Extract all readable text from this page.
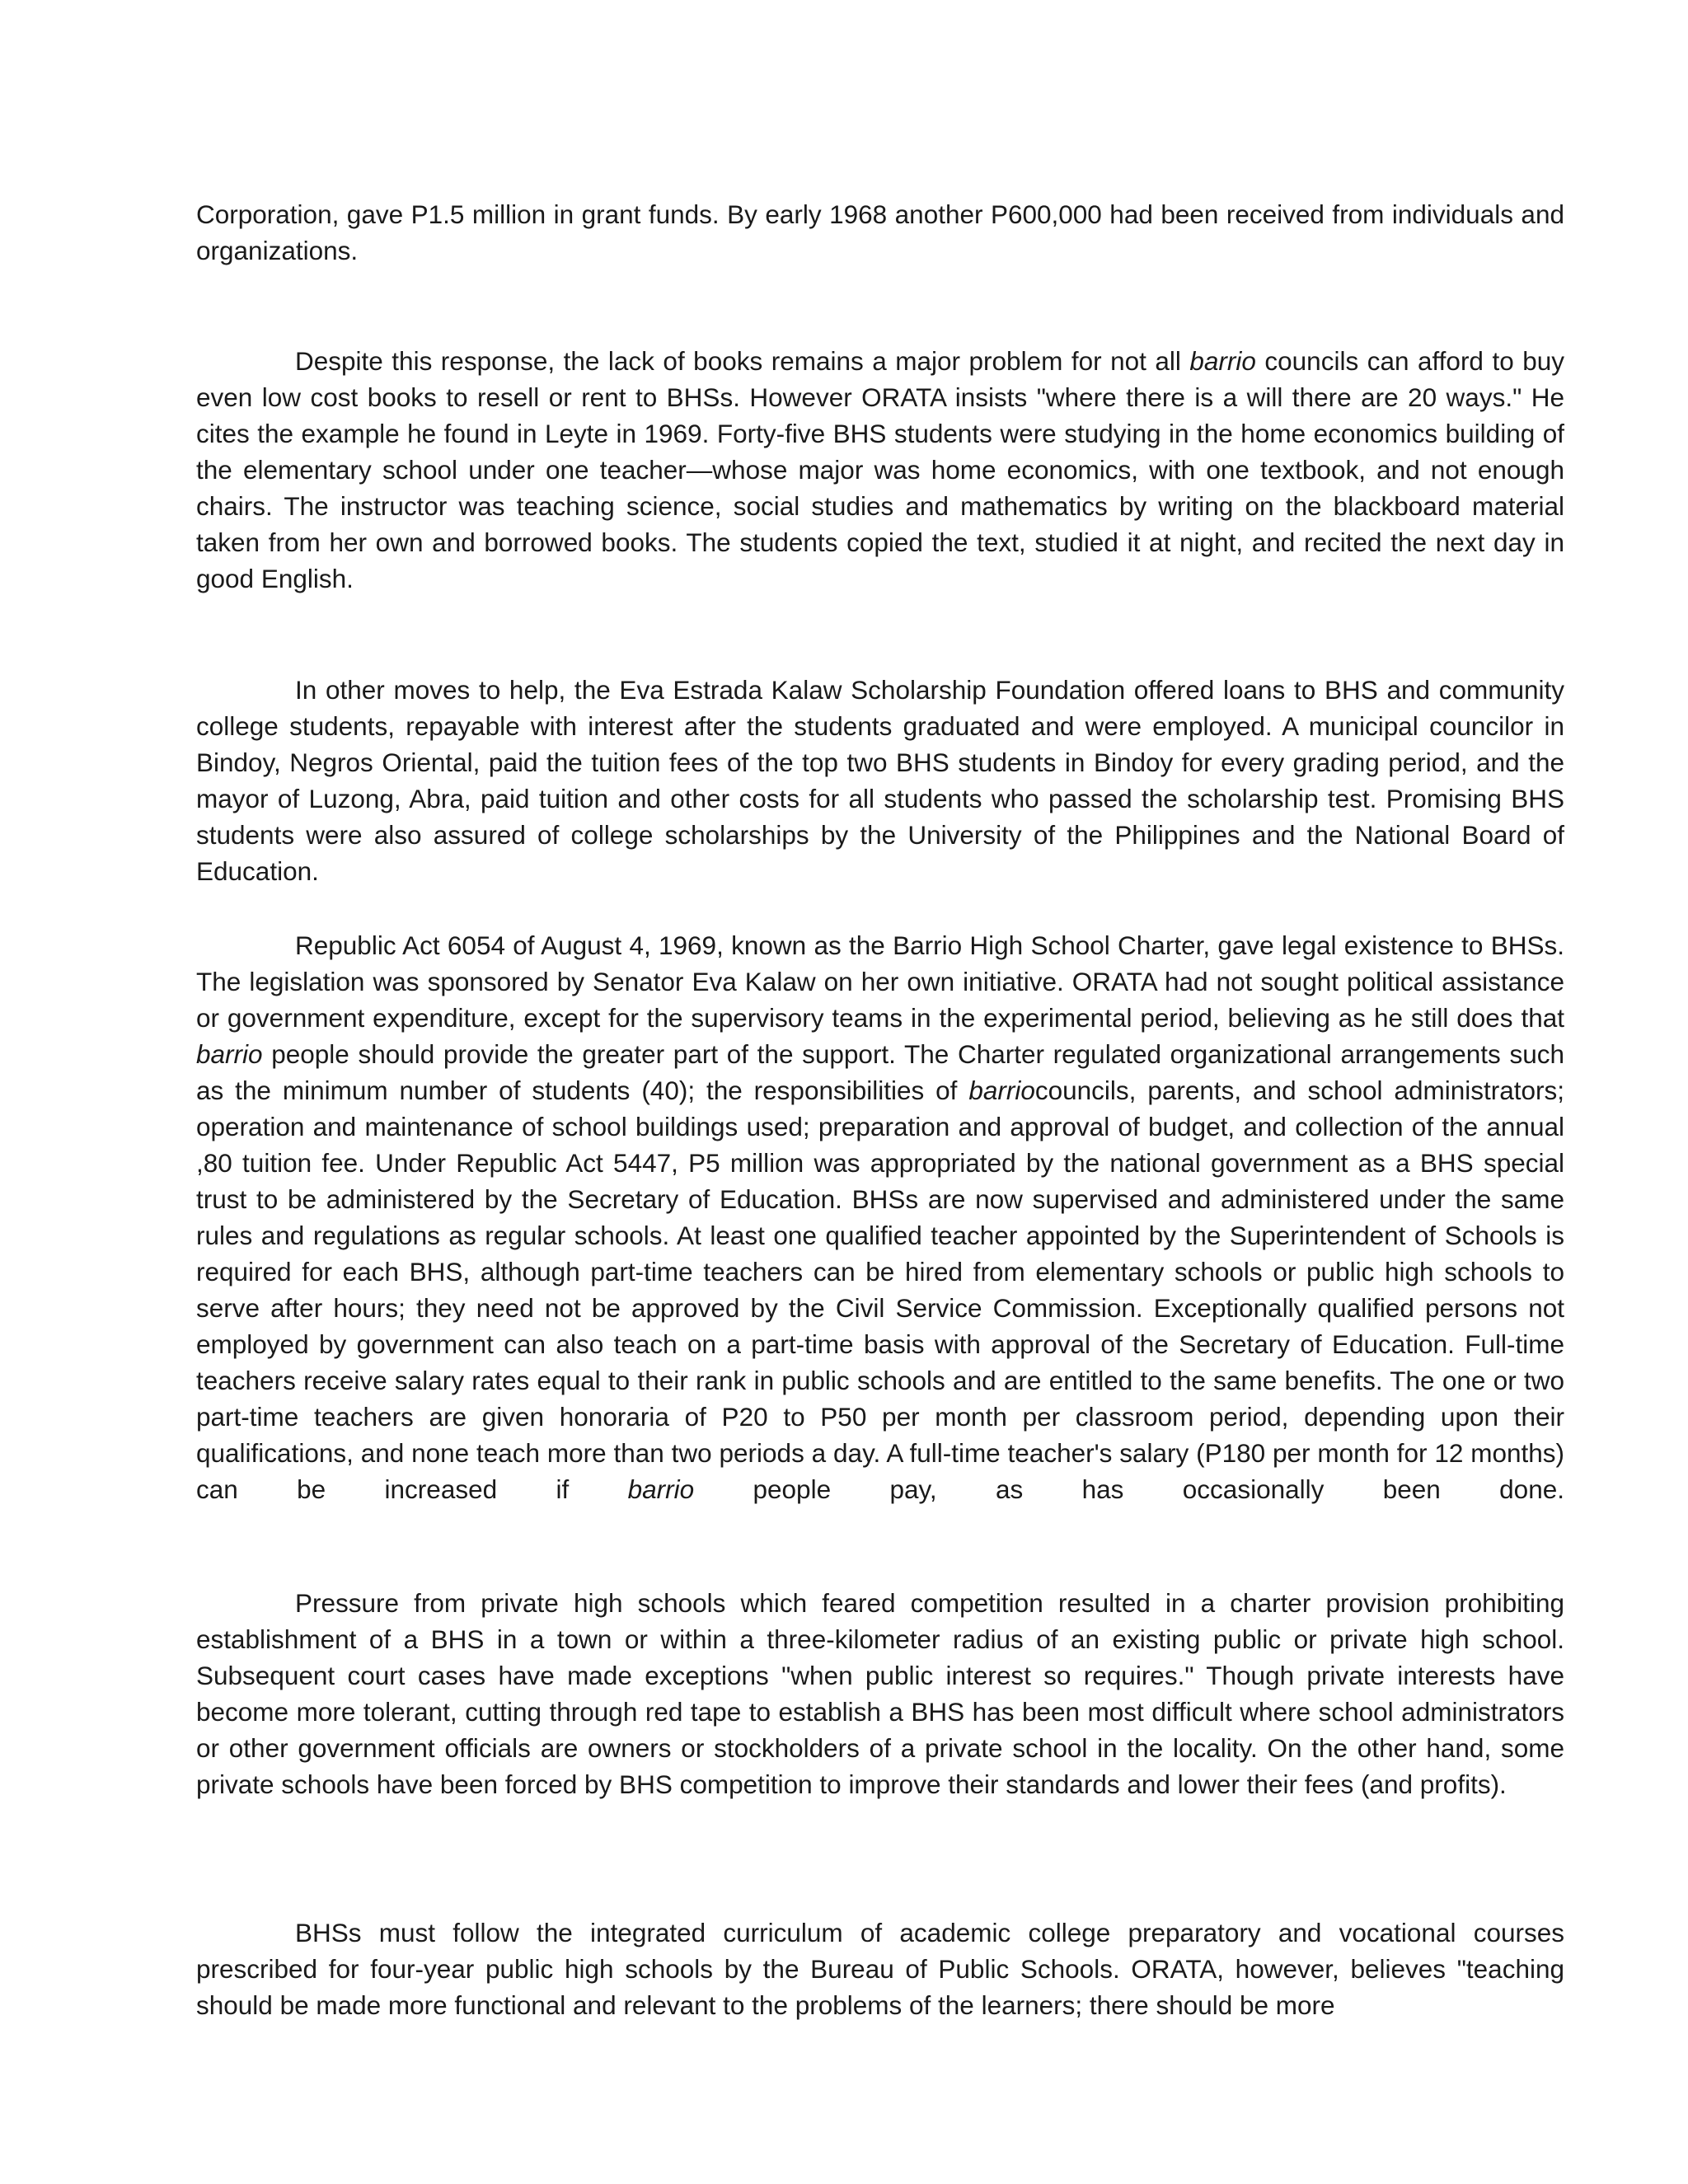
Corporation, gave P1.5 million in grant funds. By early 1968 another P600,000 had been received from individuals and organizations.

Despite this response, the lack of books remains a major problem for not all barrio councils can afford to buy even low cost books to resell or rent to BHSs. However ORATA insists "where there is a will there are 20 ways." He cites the example he found in Leyte in 1969. Forty-five BHS students were studying in the home economics building of the elementary school under one teacher—whose major was home economics, with one textbook, and not enough chairs. The instructor was teaching science, social studies and mathematics by writing on the blackboard material taken from her own and borrowed books. The students copied the text, studied it at night, and recited the next day in good English.

In other moves to help, the Eva Estrada Kalaw Scholarship Foundation offered loans to BHS and community college students, repayable with interest after the students graduated and were employed. A municipal councilor in Bindoy, Negros Oriental, paid the tuition fees of the top two BHS students in Bindoy for every grading period, and the mayor of Luzong, Abra, paid tuition and other costs for all students who passed the scholarship test. Promising BHS students were also assured of college scholarships by the University of the Philippines and the National Board of Education.

Republic Act 6054 of August 4, 1969, known as the Barrio High School Charter, gave legal existence to BHSs. The legislation was sponsored by Senator Eva Kalaw on her own initiative. ORATA had not sought political assistance or government expenditure, except for the supervisory teams in the experimental period, believing as he still does that barrio people should provide the greater part of the support. The Charter regulated organizational arrangements such as the minimum number of students (40); the responsibilities of barriocouncils, parents, and school administrators; operation and maintenance of school buildings used; preparation and approval of budget, and collection of the annual ,80 tuition fee. Under Republic Act 5447, P5 million was appropriated by the national government as a BHS special trust to be administered by the Secretary of Education. BHSs are now supervised and administered under the same rules and regulations as regular schools. At least one qualified teacher appointed by the Superintendent of Schools is required for each BHS, although part-time teachers can be hired from elementary schools or public high schools to serve after hours; they need not be approved by the Civil Service Commission. Exceptionally qualified persons not employed by government can also teach on a part-time basis with approval of the Secretary of Education. Full-time teachers receive salary rates equal to their rank in public schools and are entitled to the same benefits. The one or two part-time teachers are given honoraria of P20 to P50 per month per classroom period, depending upon their qualifications, and none teach more than two periods a day. A full-time teacher's salary (P180 per month for 12 months) can be increased if barrio people pay, as has occasionally been done.

Pressure from private high schools which feared competition resulted in a charter provision prohibiting establishment of a BHS in a town or within a three-kilometer radius of an existing public or private high school. Subsequent court cases have made exceptions "when public interest so requires." Though private interests have become more tolerant, cutting through red tape to establish a BHS has been most difficult where school administrators or other government officials are owners or stockholders of a private school in the locality. On the other hand, some private schools have been forced by BHS competition to improve their standards and lower their fees (and profits).

BHSs must follow the integrated curriculum of academic college preparatory and vocational courses prescribed for four-year public high schools by the Bureau of Public Schools. ORATA, however, believes "teaching should be made more functional and relevant to the problems of the learners; there should be more
